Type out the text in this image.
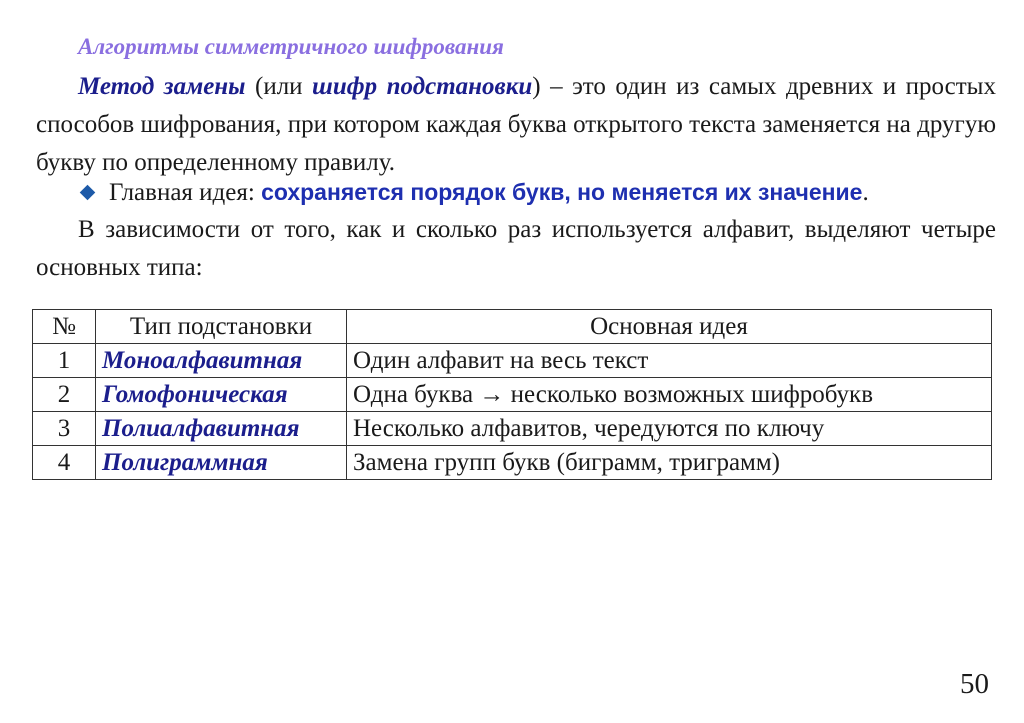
Алгоритмы симметричного шифрования
Метод замены (или шифр подстановки) – это один из самых древних и простых способов шифрования, при котором каждая буква открытого текста заменяется на другую букву по определенному правилу.
Главная идея: сохраняется порядок букв, но меняется их значение.
В зависимости от того, как и сколько раз используется алфавит, выделяют четыре основных типа:
№	Тип подстановки	Основная идея
1	Моноалфавитная	Один алфавит на весь текст
2	Гомофоническая	Одна буква → несколько возможных шифробукв
3	Полиалфавитная	Несколько алфавитов, чередуются по ключу
4	Полиграммная	Замена групп букв (биграмм, триграмм)
50
